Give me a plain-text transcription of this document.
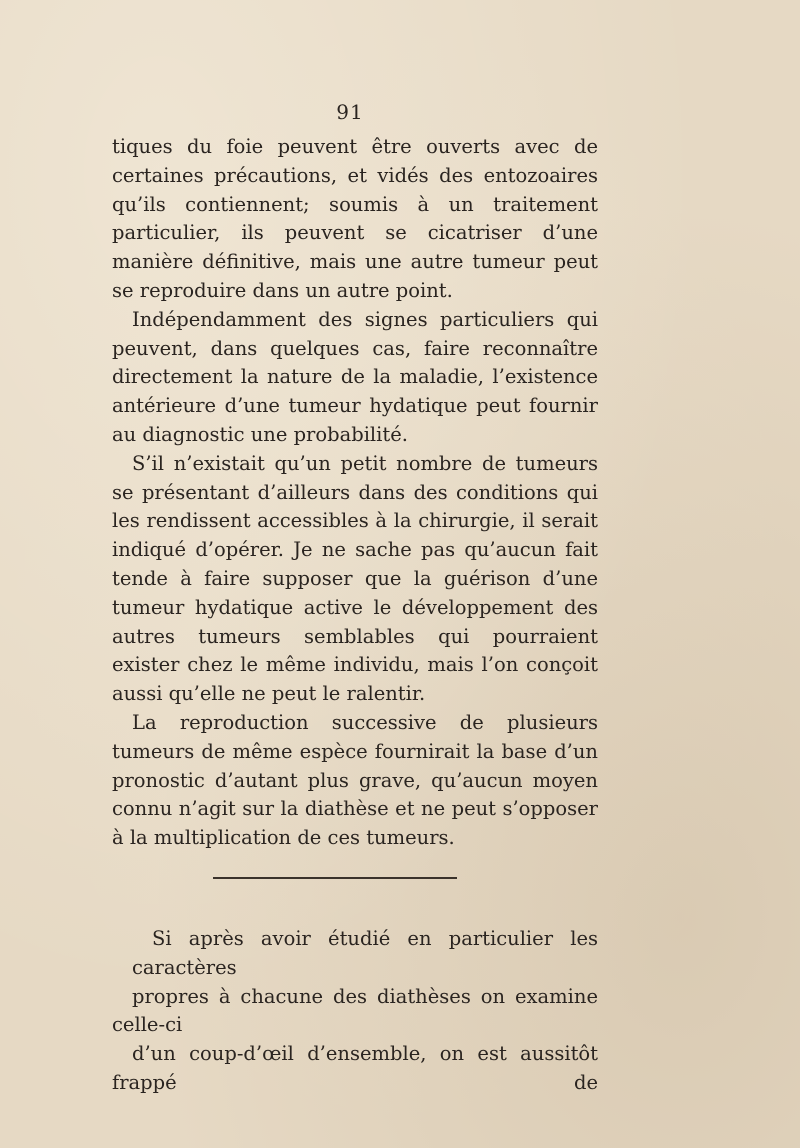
91

tiques du foie peuvent être ouverts avec de certaines précautions, et vidés des entozoaires qu’ils contiennent; soumis à un traitement particulier, ils peuvent se cicatriser d’une manière définitive, mais une autre tumeur peut se reproduire dans un autre point.

Indépendamment des signes particuliers qui peuvent, dans quelques cas, faire reconnaître directement la nature de la maladie, l’existence antérieure d’une tumeur hydatique peut fournir au diagnostic une probabilité.

S’il n’existait qu’un petit nombre de tumeurs se présentant d’ailleurs dans des conditions qui les rendissent accessibles à la chirurgie, il serait indiqué d’opérer. Je ne sache pas qu’aucun fait tende à faire supposer que la guérison d’une tumeur hydatique active le développement des autres tumeurs semblables qui pourraient exister chez le même individu, mais l’on conçoit aussi qu’elle ne peut le ralentir.

La reproduction successive de plusieurs tumeurs de même espèce fournirait la base d’un pronostic d’autant plus grave, qu’aucun moyen connu n’agit sur la diathèse et ne peut s’opposer à la multiplication de ces tumeurs.

Si après avoir étudié en particulier les caractères
propres à chacune des diathèses on examine celle-ci
d’un coup-d’œil d’ensemble, on est aussitôt frappé de
